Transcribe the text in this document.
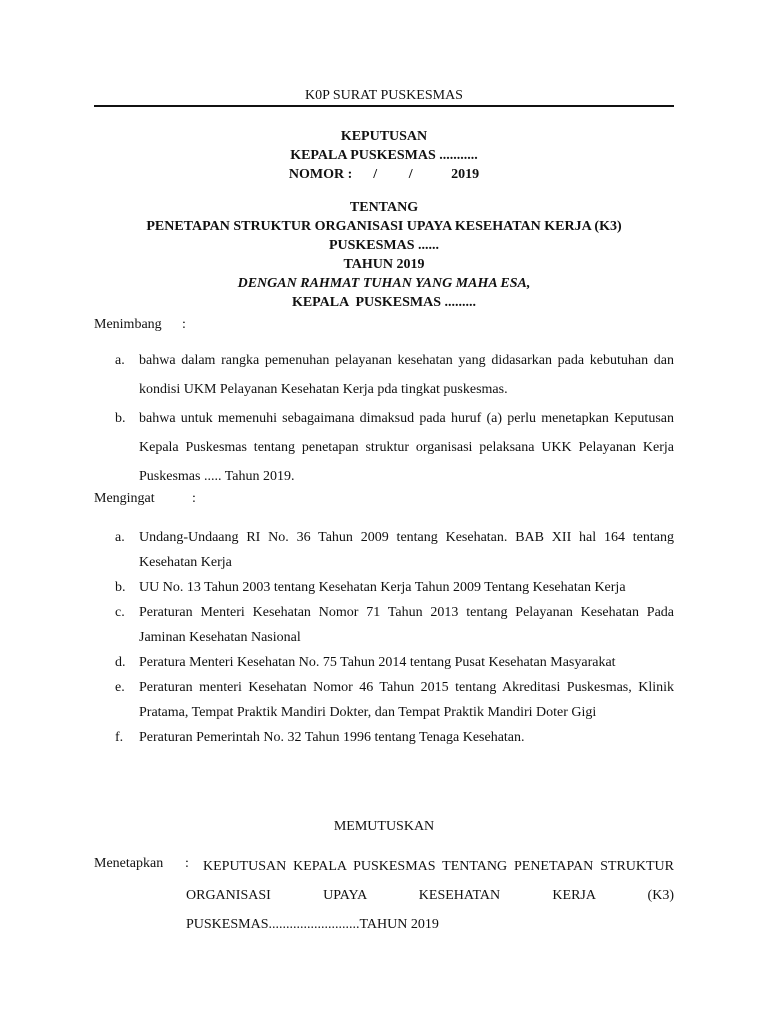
K0P SURAT PUSKESMAS
KEPUTUSAN
KEPALA PUSKESMAS ...........
NOMOR :      /         /           2019
TENTANG
PENETAPAN STRUKTUR ORGANISASI UPAYA KESEHATAN KERJA (K3)
PUSKESMAS ......
TAHUN 2019
DENGAN RAHMAT TUHAN YANG MAHA ESA,
KEPALA  PUSKESMAS .........
Menimbang :
a. bahwa dalam rangka pemenuhan pelayanan kesehatan yang didasarkan pada kebutuhan dan kondisi UKM Pelayanan Kesehatan Kerja pda tingkat puskesmas.
b. bahwa untuk memenuhi sebagaimana dimaksud pada huruf (a) perlu menetapkan Keputusan Kepala Puskesmas tentang penetapan struktur organisasi pelaksana UKK Pelayanan Kerja Puskesmas ..... Tahun 2019.
Mengingat	:
a. Undang-Undaang RI No. 36 Tahun 2009 tentang Kesehatan. BAB XII hal 164 tentang Kesehatan Kerja
b. UU No. 13 Tahun 2003 tentang Kesehatan Kerja Tahun 2009 Tentang Kesehatan Kerja
c. Peraturan Menteri Kesehatan Nomor 71 Tahun 2013 tentang Pelayanan Kesehatan Pada Jaminan Kesehatan Nasional
d. Peratura Menteri Kesehatan No. 75 Tahun 2014 tentang Pusat Kesehatan Masyarakat
e. Peraturan menteri Kesehatan Nomor 46 Tahun 2015 tentang Akreditasi Puskesmas, Klinik Pratama, Tempat Praktik Mandiri Dokter, dan Tempat Praktik Mandiri Doter Gigi
f. Peraturan Pemerintah No. 32 Tahun 1996 tentang Tenaga Kesehatan.
MEMUTUSKAN
Menetapkan :	KEPUTUSAN KEPALA PUSKESMAS TENTANG PENETAPAN STRUKTUR ORGANISASI UPAYA KESEHATAN KERJA (K3) PUSKESMAS..........................TAHUN 2019
